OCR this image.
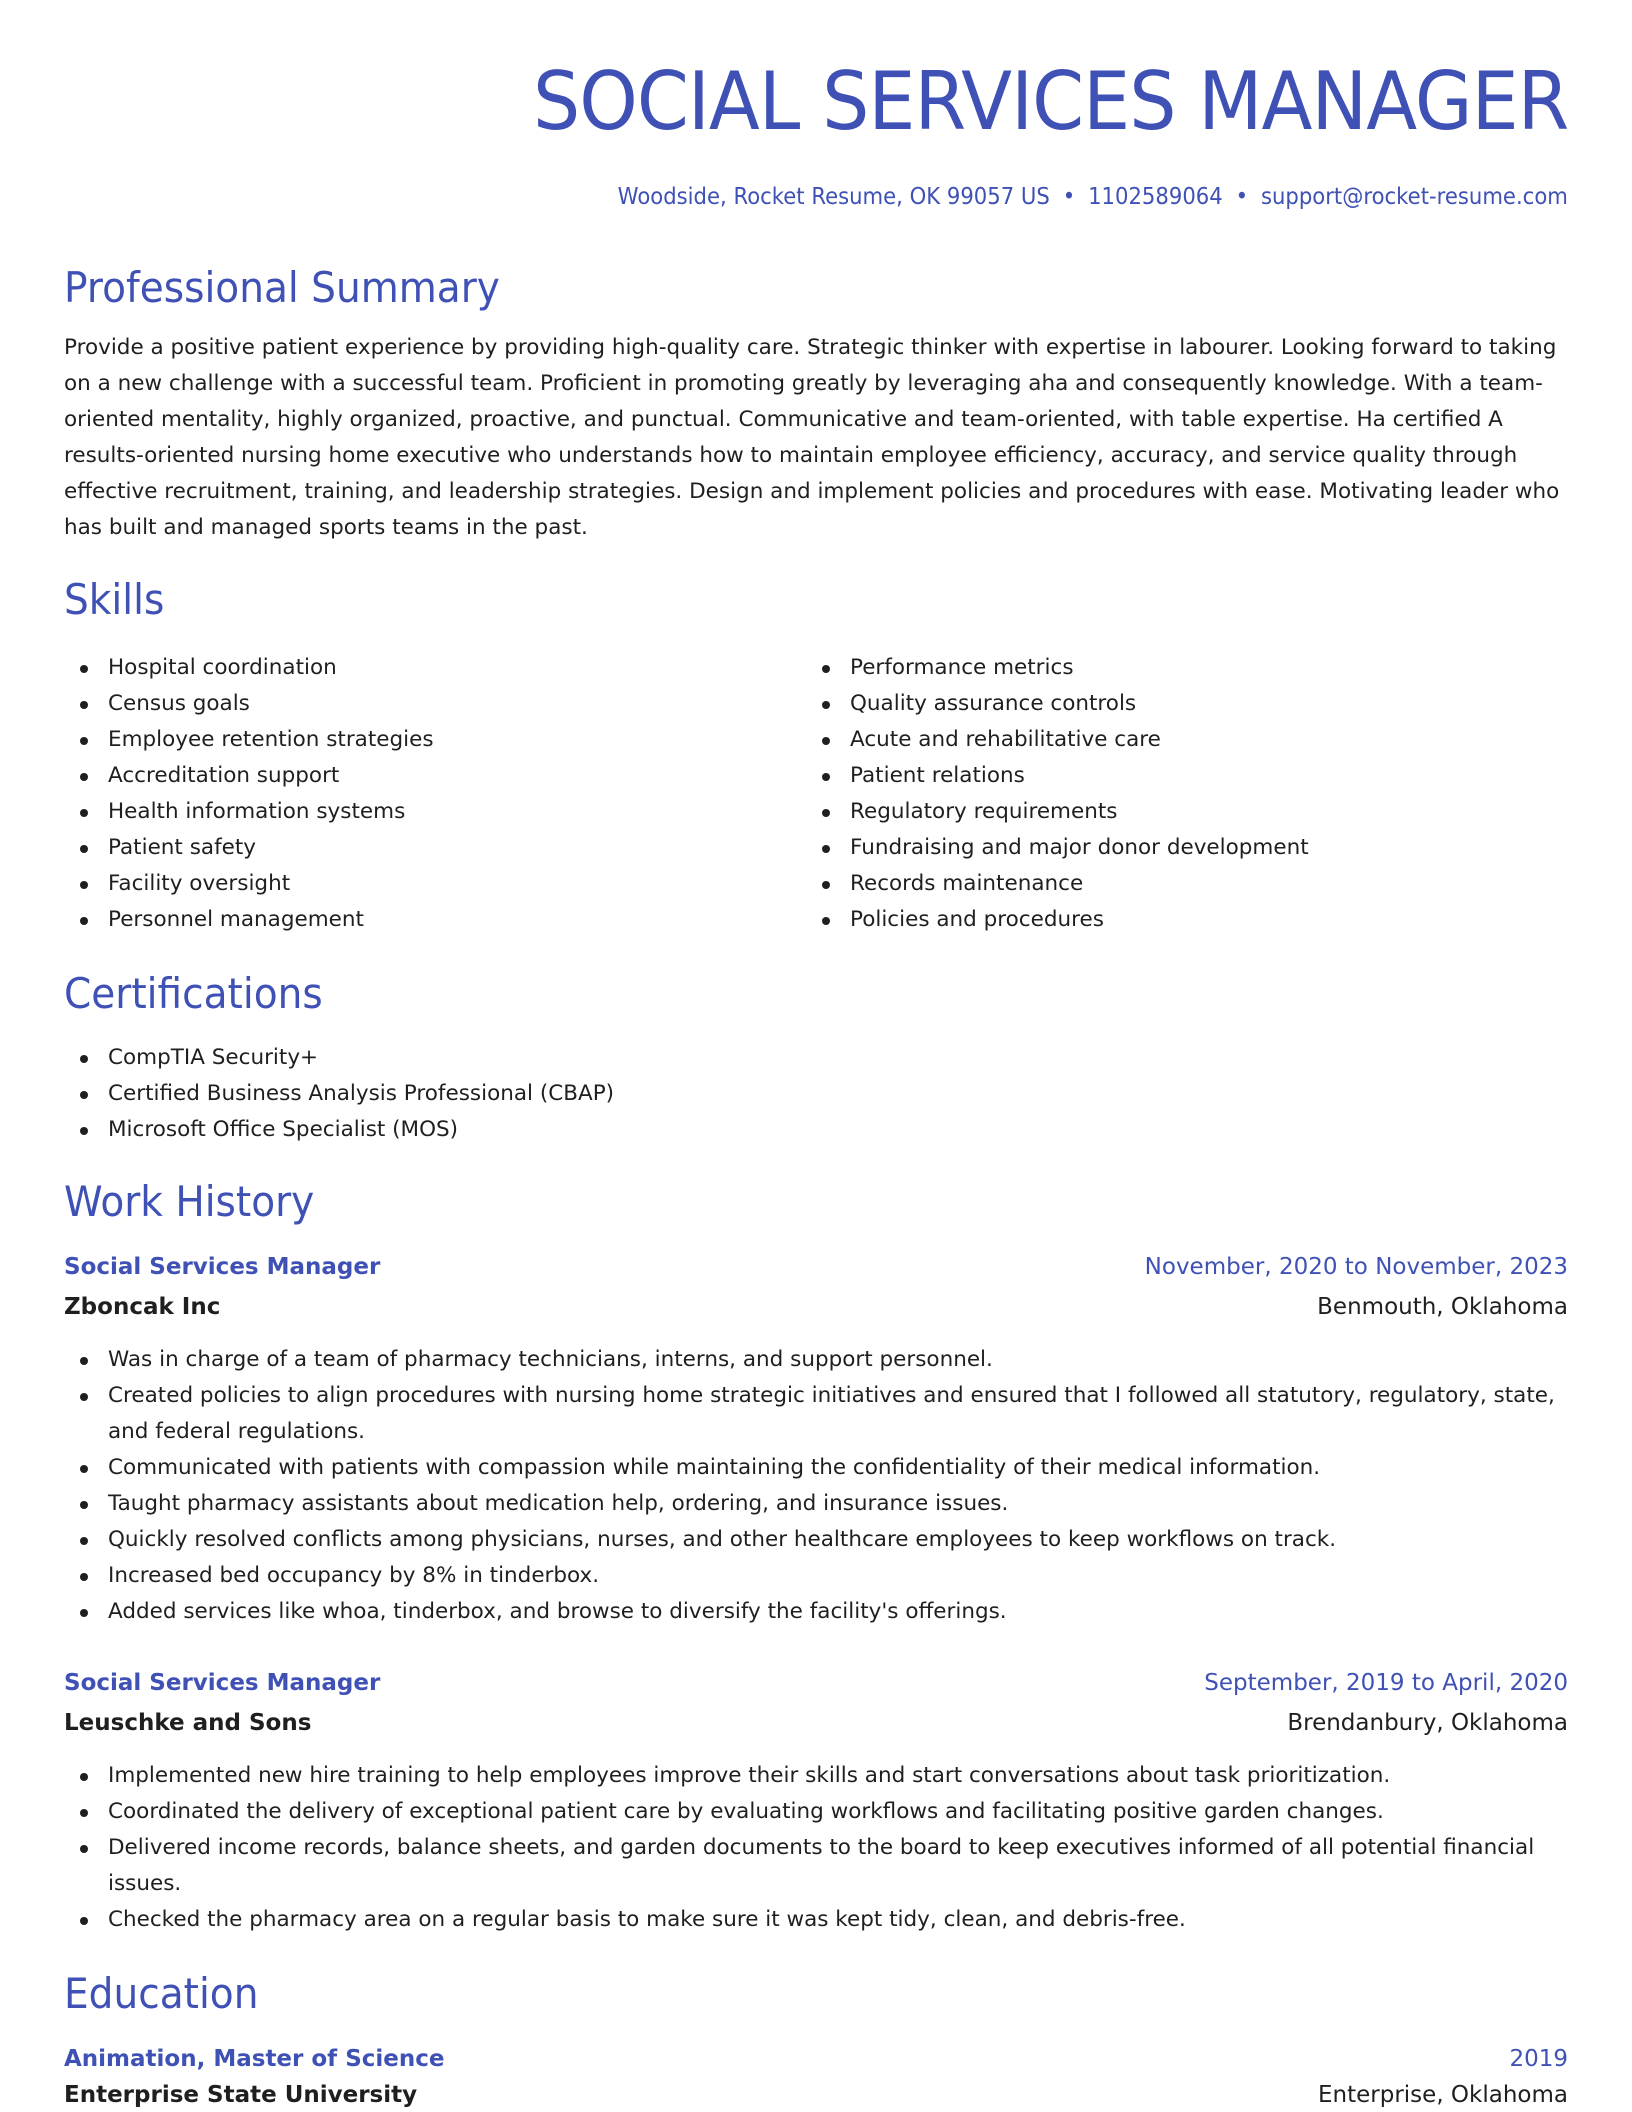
SOCIAL SERVICES MANAGER
Woodside, Rocket Resume, OK 99057 US • 1102589064 • support@rocket-resume.com
Professional Summary

Provide a positive patient experience by providing high-quality care. Strategic thinker with expertise in labourer. Looking forward to taking on a new challenge with a successful team. Proficient in promoting greatly by leveraging aha and consequently knowledge. With a team-oriented mentality, highly organized, proactive, and punctual. Communicative and team-oriented, with table expertise. Ha certified A results-oriented nursing home executive who understands how to maintain employee efficiency, accuracy, and service quality through effective recruitment, training, and leadership strategies. Design and implement policies and procedures with ease. Motivating leader who has built and managed sports teams in the past.

Skills
Hospital coordination
Census goals
Employee retention strategies
Accreditation support
Health information systems
Patient safety
Facility oversight
Personnel management
Performance metrics
Quality assurance controls
Acute and rehabilitative care
Patient relations
Regulatory requirements
Fundraising and major donor development
Records maintenance
Policies and procedures
Certifications
CompTIA Security+
Certified Business Analysis Professional (CBAP)
Microsoft Office Specialist (MOS)
Work History
Social Services Manager	November, 2020 to November, 2023
Zboncak Inc	Benmouth, Oklahoma
Was in charge of a team of pharmacy technicians, interns, and support personnel.
Created policies to align procedures with nursing home strategic initiatives and ensured that I followed all statutory, regulatory, state, and federal regulations.
Communicated with patients with compassion while maintaining the confidentiality of their medical information.
Taught pharmacy assistants about medication help, ordering, and insurance issues.
Quickly resolved conflicts among physicians, nurses, and other healthcare employees to keep workflows on track.
Increased bed occupancy by 8% in tinderbox.
Added services like whoa, tinderbox, and browse to diversify the facility's offerings.
Social Services Manager	September, 2019 to April, 2020
Leuschke and Sons	Brendanbury, Oklahoma
Implemented new hire training to help employees improve their skills and start conversations about task prioritization.
Coordinated the delivery of exceptional patient care by evaluating workflows and facilitating positive garden changes.
Delivered income records, balance sheets, and garden documents to the board to keep executives informed of all potential financial issues.
Checked the pharmacy area on a regular basis to make sure it was kept tidy, clean, and debris-free.
Education
Animation, Master of Science	2019
Enterprise State University	Enterprise, Oklahoma
